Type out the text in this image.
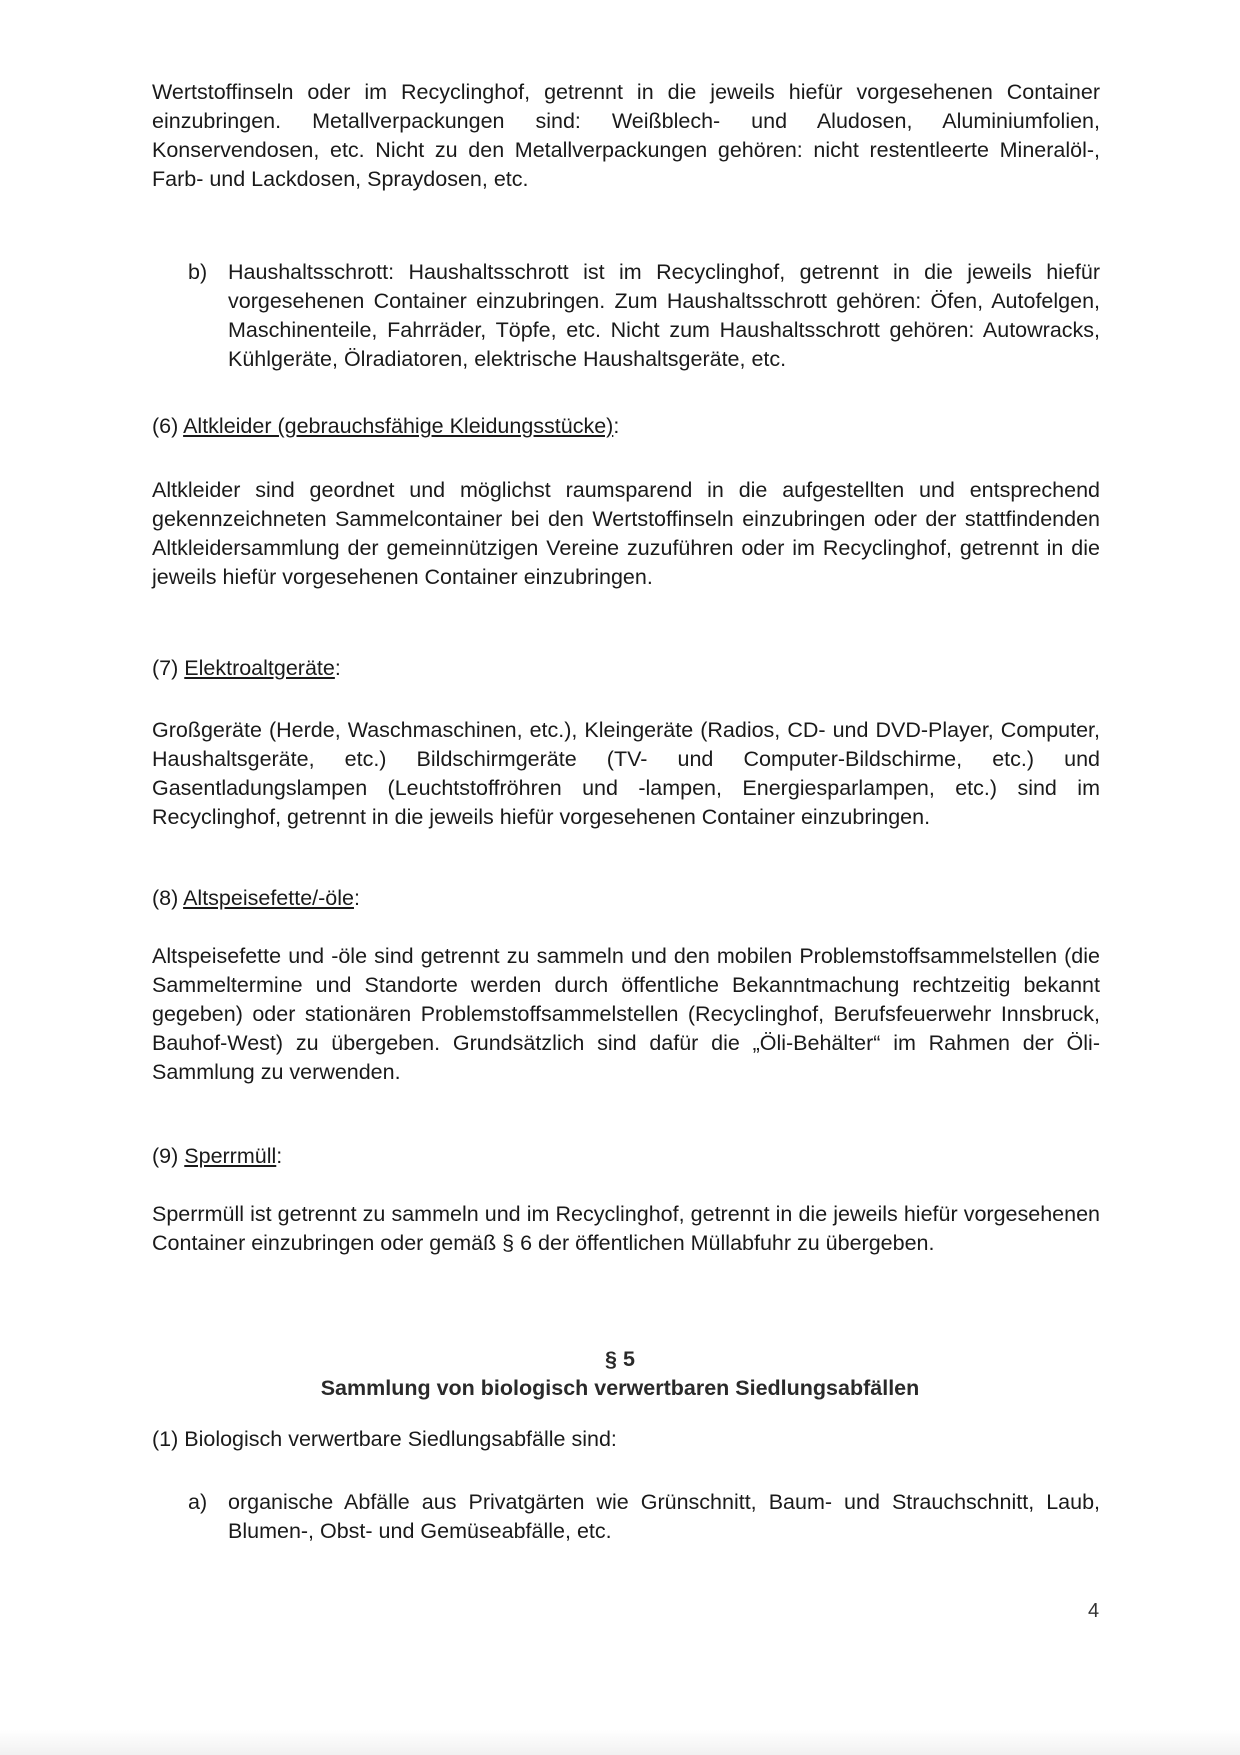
Wertstoffinseln oder im Recyclinghof, getrennt in die jeweils hiefür vorgesehenen Container einzubringen. Metallverpackungen sind: Weißblech- und Aludosen, Aluminiumfolien, Konservendosen, etc. Nicht zu den Metallverpackungen gehören: nicht restentleerte Mineralöl-, Farb- und Lackdosen, Spraydosen, etc.
b) Haushaltsschrott: Haushaltsschrott ist im Recyclinghof, getrennt in die jeweils hiefür vorgesehenen Container einzubringen. Zum Haushaltsschrott gehören: Öfen, Autofelgen, Maschinenteile, Fahrräder, Töpfe, etc. Nicht zum Haushaltsschrott gehören: Autowracks, Kühlgeräte, Ölradiatoren, elektrische Haushaltsgeräte, etc.
(6) Altkleider (gebrauchsfähige Kleidungsstücke):
Altkleider sind geordnet und möglichst raumsparend in die aufgestellten und entsprechend gekennzeichneten Sammelcontainer bei den Wertstoffinseln einzubringen oder der stattfindenden Altkleidersammlung der gemeinnützigen Vereine zuzuführen oder im Recyclinghof, getrennt in die jeweils hiefür vorgesehenen Container einzubringen.
(7) Elektroaltgeräte:
Großgeräte (Herde, Waschmaschinen, etc.), Kleingeräte (Radios, CD- und DVD-Player, Computer, Haushaltsgeräte, etc.) Bildschirmgeräte (TV- und Computer-Bildschirme, etc.) und Gasentladungslampen (Leuchtstoffröhren und -lampen, Energiesparlampen, etc.) sind im Recyclinghof, getrennt in die jeweils hiefür vorgesehenen Container einzubringen.
(8) Altspeisefette/-öle:
Altspeisefette und -öle sind getrennt zu sammeln und den mobilen Problemstoffsammelstellen (die Sammeltermine und Standorte werden durch öffentliche Bekanntmachung rechtzeitig bekannt gegeben) oder stationären Problemstoffsammelstellen (Recyclinghof, Berufsfeuerwehr Innsbruck, Bauhof-West) zu übergeben. Grundsätzlich sind dafür die „Öli-Behälter“ im Rahmen der Öli-Sammlung zu verwenden.
(9) Sperrmüll:
Sperrmüll ist getrennt zu sammeln und im Recyclinghof, getrennt in die jeweils hiefür vorgesehenen Container einzubringen oder gemäß § 6 der öffentlichen Müllabfuhr zu übergeben.
§ 5
Sammlung von biologisch verwertbaren Siedlungsabfällen
(1) Biologisch verwertbare Siedlungsabfälle sind:
a) organische Abfälle aus Privatgärten wie Grünschnitt, Baum- und Strauchschnitt, Laub, Blumen-, Obst- und Gemüseabfälle, etc.
4
